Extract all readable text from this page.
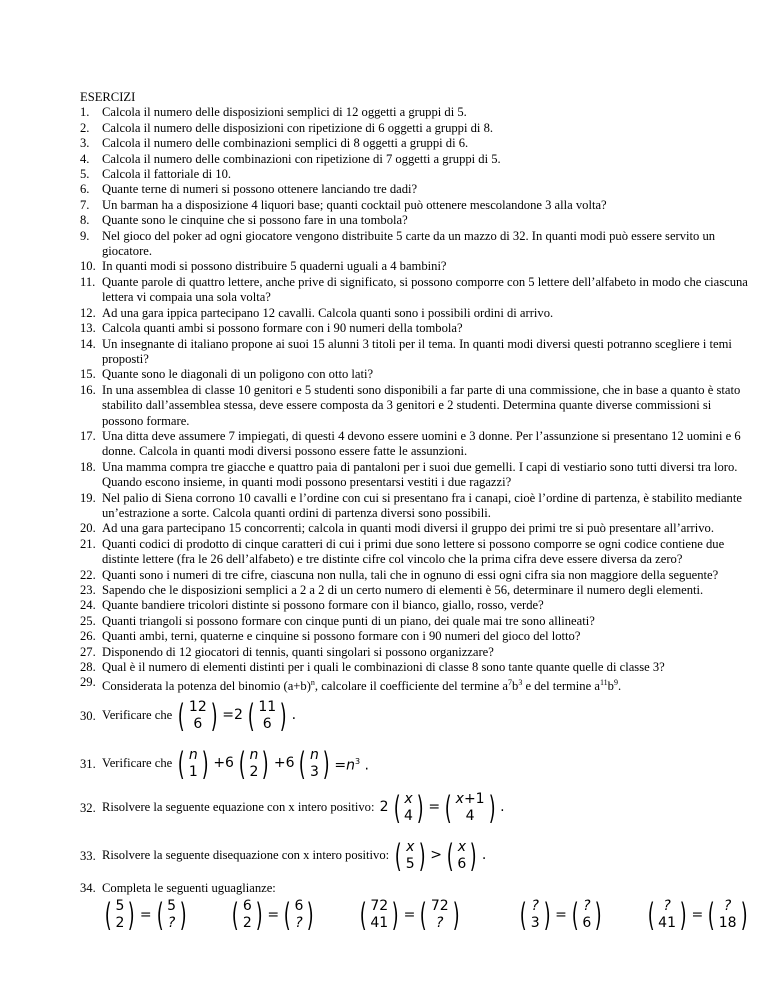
ESERCIZI
1. Calcola il numero delle disposizioni semplici di 12 oggetti a gruppi di 5.
2. Calcola il numero delle disposizioni con ripetizione di 6 oggetti a gruppi di 8.
3. Calcola il numero delle combinazioni semplici di 8 oggetti a gruppi di 6.
4. Calcola il numero delle combinazioni con ripetizione di 7 oggetti a gruppi di 5.
5. Calcola il fattoriale di 10.
6. Quante terne di numeri si possono ottenere lanciando tre dadi?
7. Un barman ha a disposizione 4 liquori base; quanti cocktail può ottenere mescolandone 3 alla volta?
8. Quante sono le cinquine che si possono fare in una tombola?
9. Nel gioco del poker ad ogni giocatore vengono distribuite 5 carte da un mazzo di 32. In quanti modi può essere servito un giocatore.
10. In quanti modi si possono distribuire 5 quaderni uguali a 4 bambini?
11. Quante parole di quattro lettere, anche prive di significato, si possono comporre con 5 lettere dell’alfabeto in modo che ciascuna lettera vi compaia una sola volta?
12. Ad una gara ippica partecipano 12 cavalli. Calcola quanti sono i possibili ordini di arrivo.
13. Calcola quanti ambi si possono formare con i 90 numeri della tombola?
14. Un insegnante di italiano propone ai suoi 15 alunni 3 titoli per il tema. In quanti modi diversi questi potranno scegliere i temi proposti?
15. Quante sono le diagonali di un poligono con otto lati?
16. In una assemblea di classe 10 genitori e 5 studenti sono disponibili a far parte di una commissione, che in base a quanto è stato stabilito dall’assemblea stessa, deve essere composta da 3 genitori e 2 studenti. Determina quante diverse commissioni si possono formare.
17. Una ditta deve assumere 7 impiegati, di questi 4 devono essere uomini e 3 donne. Per l’assunzione si presentano 12 uomini e 6 donne. Calcola in quanti modi diversi possono essere fatte le assunzioni.
18. Una mamma compra tre giacche e quattro paia di pantaloni per i suoi due gemelli. I capi di vestiario sono tutti diversi tra loro. Quando escono insieme, in quanti modi possono presentarsi vestiti i due ragazzi?
19. Nel palio di Siena corrono 10 cavalli e l’ordine con cui si presentano fra i canapi, cioè l’ordine di partenza, è stabilito mediante un’estrazione a sorte. Calcola quanti ordini di partenza diversi sono possibili.
20. Ad una gara partecipano 15 concorrenti; calcola in quanti modi diversi il gruppo dei primi tre si può presentare all’arrivo.
21. Quanti codici di prodotto di cinque caratteri di cui i primi due sono lettere si possono comporre se ogni codice contiene due distinte lettere (fra le 26 dell’alfabeto) e tre distinte cifre col vincolo che la prima cifra deve essere diversa da zero?
22. Quanti sono i numeri di tre cifre, ciascuna non nulla, tali che in ognuno di essi ogni cifra sia non maggiore della seguente?
23. Sapendo che le disposizioni semplici a 2 a 2 di un certo numero di elementi è 56, determinare il numero degli elementi.
24. Quante bandiere tricolori distinte si possono formare con il bianco, giallo, rosso, verde?
25. Quanti triangoli si possono formare con cinque punti di un piano, dei quale mai tre sono allineati?
26. Quanti ambi, terni, quaterne e cinquine si possono formare con i 90 numeri del gioco del lotto?
27. Disponendo di 12 giocatori di tennis, quanti singolari si possono organizzare?
28. Qual è il numero di elementi distinti per i quali le combinazioni di classe 8 sono tante quante quelle di classe 3?
29. Considerata la potenza del binomio $(a+b)^n$, calcolare il coefficiente del termine $a^7b^3$ e del termine $a^{11}b^9$.
30. Verificare che
( 12
6 ) =2 ( 11
6 ) .
31. Verificare che
( n
1 ) +6 ( n
2 ) +6 ( n
3 ) $=n^3$ .
32. Risolvere la seguente equazione con x intero positivo:
2 ( x
4 ) = ( x+1
4 ) .
33. Risolvere la seguente disequazione con x intero positivo:
( x
5 ) > ( x
6 ) .
34. Completa le seguenti uguaglianze:
( 5
2 ) = ( 5
? ) ( 6
2 ) = ( 6
? ) ( 72
41 ) = ( 72
? ) ( ?
3 ) = ( ?
6 ) ( ?
41 ) = ( ?
18 )
